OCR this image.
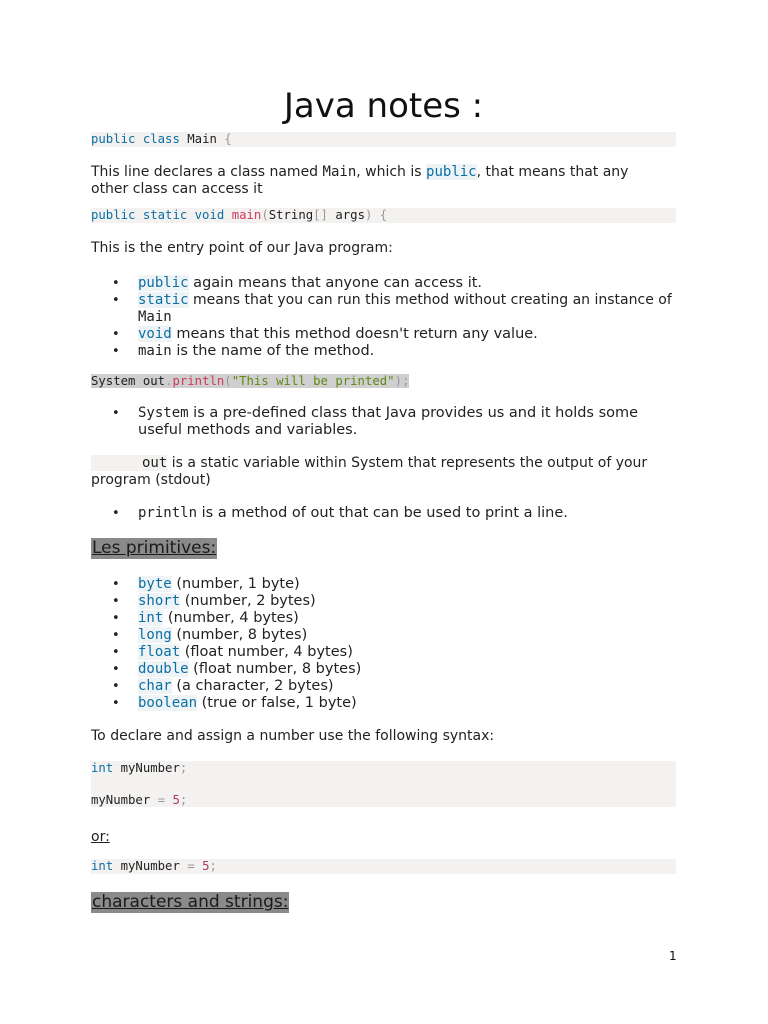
Java notes :
public class Main {
This line declares a class named Main, which is public, that means that any other class can access it
public static void main(String[] args) {
This is the entry point of our Java program:
• public again means that anyone can access it.
• static means that you can run this method without creating an instance of Main
• void means that this method doesn't return any value.
• main is the name of the method.
System out.println("This will be printed");
• System is a pre-defined class that Java provides us and it holds some useful methods and variables.
out is a static variable within System that represents the output of your program (stdout)
• println is a method of out that can be used to print a line.
Les primitives:
• byte (number, 1 byte)
• short (number, 2 bytes)
• int (number, 4 bytes)
• long (number, 8 bytes)
• float (float number, 4 bytes)
• double (float number, 8 bytes)
• char (a character, 2 bytes)
• boolean (true or false, 1 byte)
To declare and assign a number use the following syntax:
int myNumber;
myNumber = 5;
or:
int myNumber = 5;
characters and strings:
1
